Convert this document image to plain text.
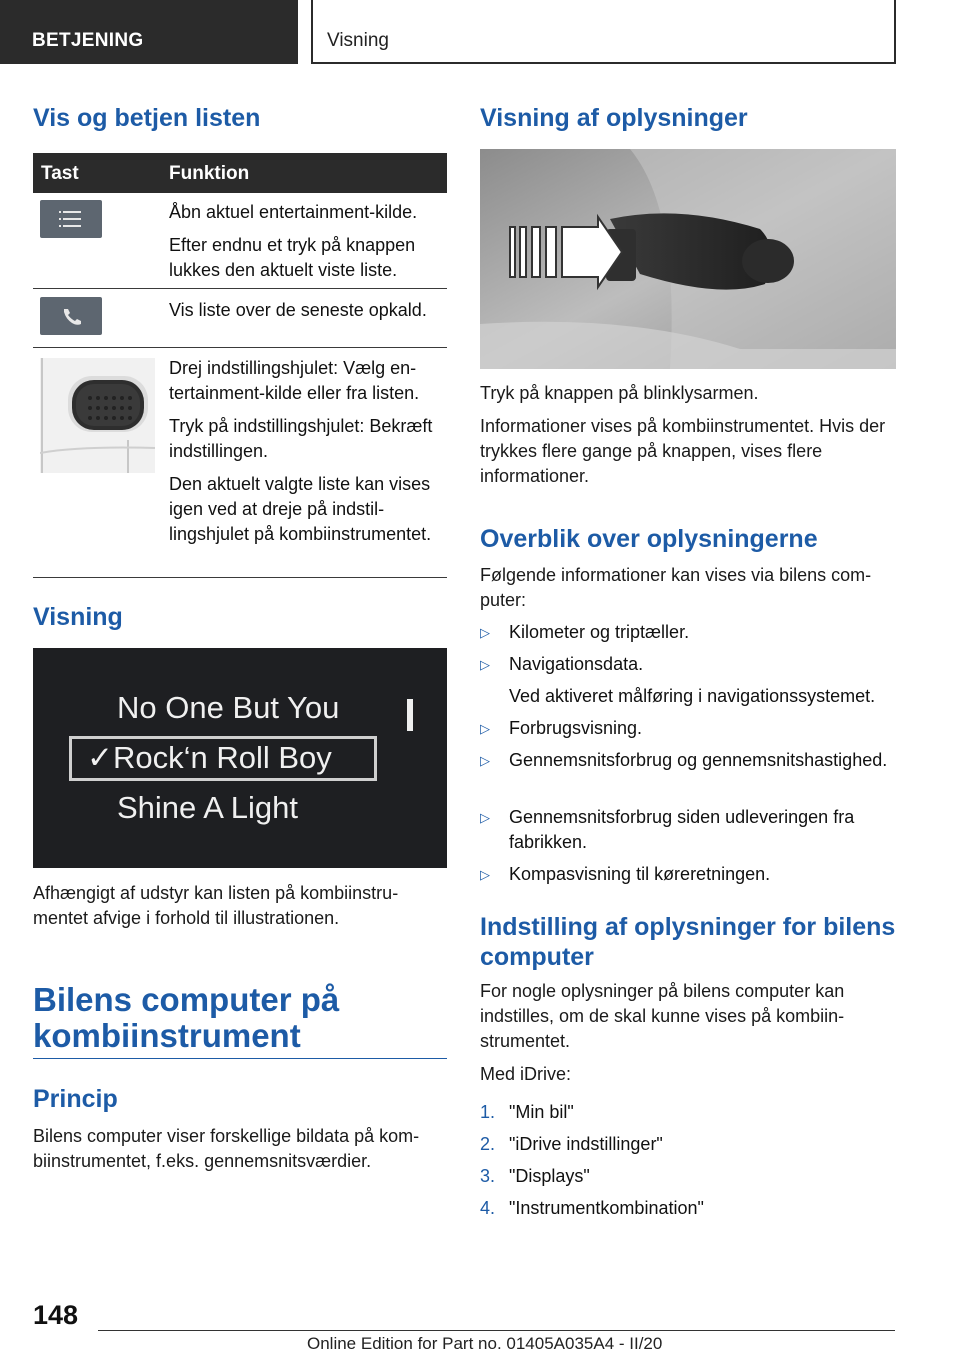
BETJENING	Visning
Vis og betjen listen
Tast	Funktion

Åbn aktuel entertainment-kilde.

Efter endnu et tryk på knappen lukkes den aktuelt viste liste.

Vis liste over de seneste opkald.

Drej indstillingshjulet: Vælg entertainment-kilde eller fra listen.

Tryk på indstillingshjulet: Bekræft indstillingen.

Den aktuelt valgte liste kan vises igen ved at dreje på indstillingshjulet på kombiinstrumentet.

Visning
No One But You
✓Rock‘n Roll Boy
Shine A Light
Afhængigt af udstyr kan listen på kombiinstrumentet afvige i forhold til illustrationen.
Bilens computer på kombiinstrument
Princip
Bilens computer viser forskellige bildata på kombiinstrumentet, f.eks. gennemsnitsværdier.
Visning af oplysninger
Tryk på knappen på blinklysarmen.
Informationer vises på kombiinstrumentet. Hvis der trykkes flere gange på knappen, vises flere informationer.
Overblik over oplysningerne
Følgende informationer kan vises via bilens computer:
▷ Kilometer og triptæller.
▷ Navigationsdata.
Ved aktiveret målføring i navigationssystemet.
▷ Forbrugsvisning.
▷ Gennemsnitsforbrug og gennemsnitshastighed.
▷ Gennemsnitsforbrug siden udleveringen fra fabrikken.
▷ Kompasvisning til køreretningen.
Indstilling af oplysninger for bilens computer
For nogle oplysninger på bilens computer kan indstilles, om de skal kunne vises på kombiinstrumentet.
Med iDrive:
1. "Min bil"
2. "iDrive indstillinger"
3. "Displays"
4. "Instrumentkombination"
148
Online Edition for Part no. 01405A035A4 - II/20
